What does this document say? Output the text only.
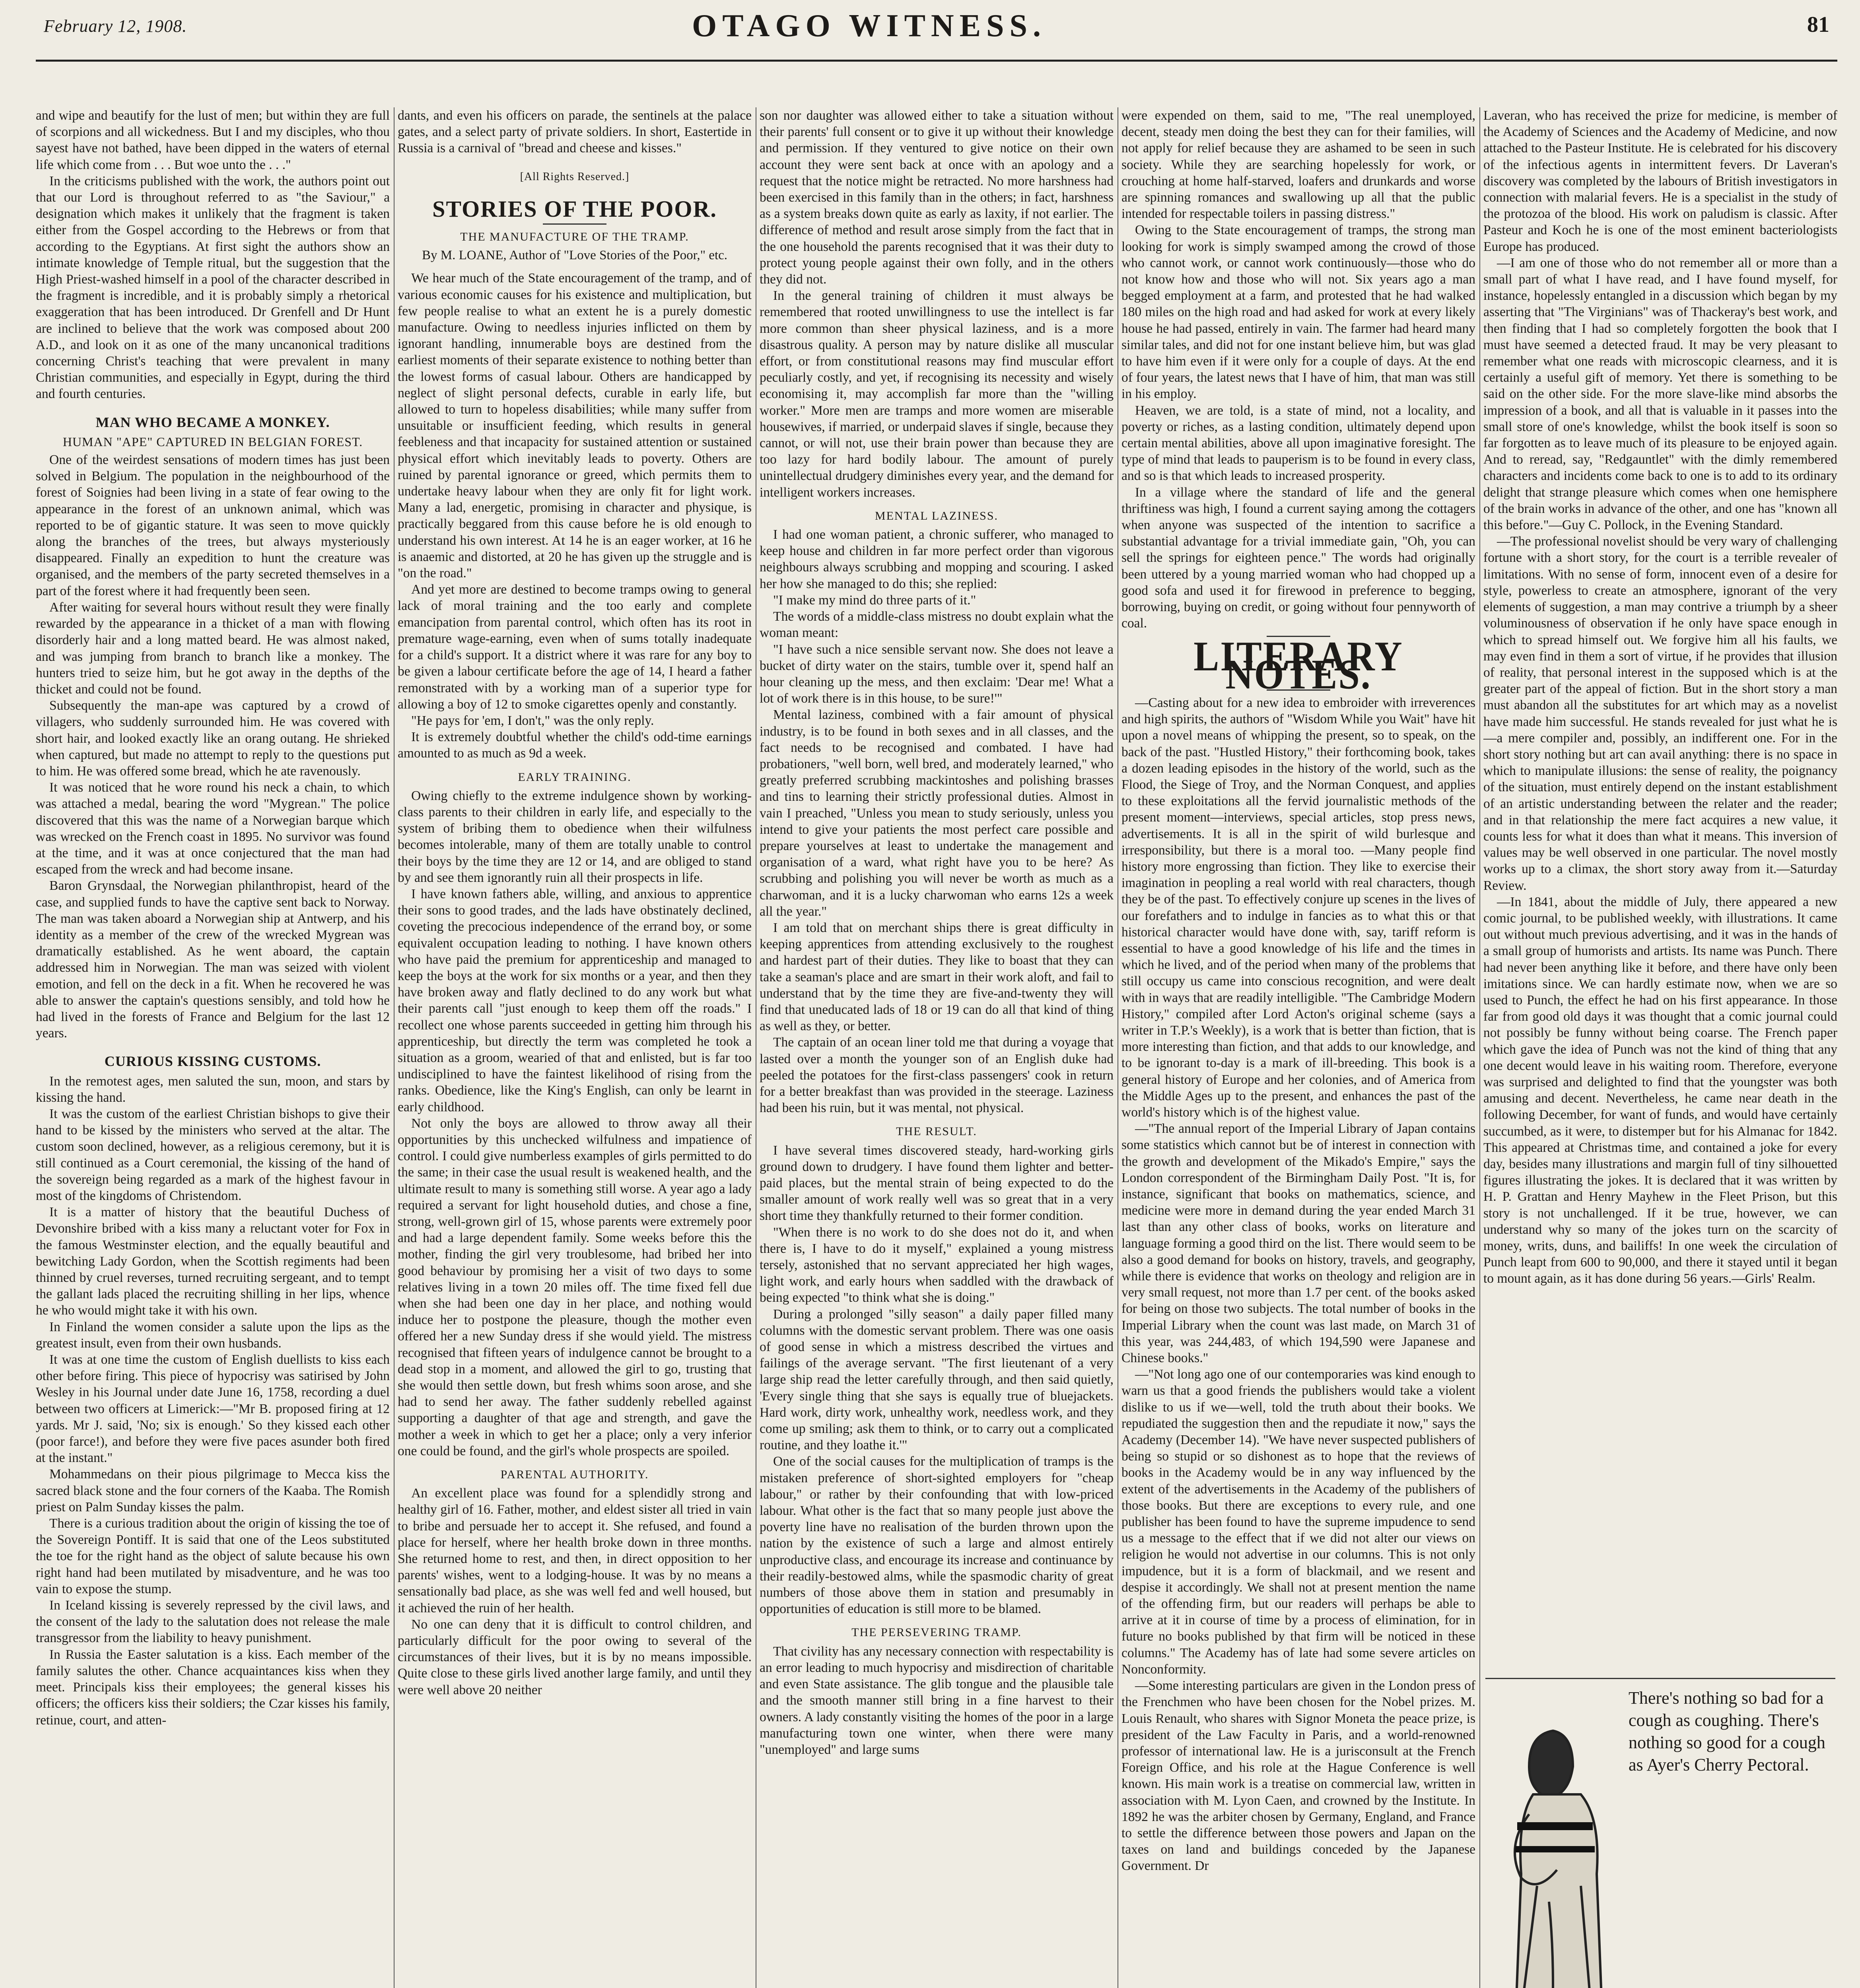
February 12, 1908.	OTAGO WITNESS.	81

and wipe and beautify for the lust of men; but within they are full of scorpions and all wickedness. But I and my disciples, who thou sayest have not bathed, have been dipped in the waters of eternal life which come from . . . But woe unto the . . ."

In the criticisms published with the work, the authors point out that our Lord is throughout referred to as "the Saviour," a designation which makes it unlikely that the fragment is taken either from the Gospel according to the Hebrews or from that according to the Egyptians. At first sight the authors show an intimate knowledge of Temple ritual, but the suggestion that the High Priest-washed himself in a pool of the character described in the fragment is incredible, and it is probably simply a rhetorical exaggeration that has been introduced. Dr Grenfell and Dr Hunt are inclined to believe that the work was composed about 200 A.D., and look on it as one of the many uncanonical traditions concerning Christ's teaching that were prevalent in many Christian communities, and especially in Egypt, during the third and fourth centuries.

MAN WHO BECAME A MONKEY.
HUMAN "APE" CAPTURED IN BELGIAN FOREST.

One of the weirdest sensations of modern times has just been solved in Belgium. The population in the neighbourhood of the forest of Soignies had been living in a state of fear owing to the appearance in the forest of an unknown animal, which was reported to be of gigantic stature. It was seen to move quickly along the branches of the trees, but always mysteriously disappeared. Finally an expedition to hunt the creature was organised, and the members of the party secreted themselves in a part of the forest where it had frequently been seen.

After waiting for several hours without result they were finally rewarded by the appearance in a thicket of a man with flowing disorderly hair and a long matted beard. He was almost naked, and was jumping from branch to branch like a monkey. The hunters tried to seize him, but he got away in the depths of the thicket and could not be found.

Subsequently the man-ape was captured by a crowd of villagers, who suddenly surrounded him. He was covered with short hair, and looked exactly like an orang outang. He shrieked when captured, but made no attempt to reply to the questions put to him. He was offered some bread, which he ate ravenously.

It was noticed that he wore round his neck a chain, to which was attached a medal, bearing the word "Mygrean." The police discovered that this was the name of a Norwegian barque which was wrecked on the French coast in 1895. No survivor was found at the time, and it was at once conjectured that the man had escaped from the wreck and had become insane.

Baron Grynsdaal, the Norwegian philanthropist, heard of the case, and supplied funds to have the captive sent back to Norway. The man was taken aboard a Norwegian ship at Antwerp, and his identity as a member of the crew of the wrecked Mygrean was dramatically established. As he went aboard, the captain addressed him in Norwegian. The man was seized with violent emotion, and fell on the deck in a fit. When he recovered he was able to answer the captain's questions sensibly, and told how he had lived in the forests of France and Belgium for the last 12 years.

CURIOUS KISSING CUSTOMS.

In the remotest ages, men saluted the sun, moon, and stars by kissing the hand.

It was the custom of the earliest Christian bishops to give their hand to be kissed by the ministers who served at the altar. The custom soon declined, however, as a religious ceremony, but it is still continued as a Court ceremonial, the kissing of the hand of the sovereign being regarded as a mark of the highest favour in most of the kingdoms of Christendom.

It is a matter of history that the beautiful Duchess of Devonshire bribed with a kiss many a reluctant voter for Fox in the famous Westminster election, and the equally beautiful and bewitching Lady Gordon, when the Scottish regiments had been thinned by cruel reverses, turned recruiting sergeant, and to tempt the gallant lads placed the recruiting shilling in her lips, whence he who would might take it with his own.

In Finland the women consider a salute upon the lips as the greatest insult, even from their own husbands.

It was at one time the custom of English duellists to kiss each other before firing. This piece of hypocrisy was satirised by John Wesley in his Journal under date June 16, 1758, recording a duel between two officers at Limerick:—"Mr B. proposed firing at 12 yards. Mr J. said, 'No; six is enough.' So they kissed each other (poor farce!), and before they were five paces asunder both fired at the instant."

Mohammedans on their pious pilgrimage to Mecca kiss the sacred black stone and the four corners of the Kaaba. The Romish priest on Palm Sunday kisses the palm.

There is a curious tradition about the origin of kissing the toe of the Sovereign Pontiff. It is said that one of the Leos substituted the toe for the right hand as the object of salute because his own right hand had been mutilated by misadventure, and he was too vain to expose the stump.

In Iceland kissing is severely repressed by the civil laws, and the consent of the lady to the salutation does not release the male transgressor from the liability to heavy punishment.

In Russia the Easter salutation is a kiss. Each member of the family salutes the other. Chance acquaintances kiss when they meet. Principals kiss their employees; the general kisses his officers; the officers kiss their soldiers; the Czar kisses his family, retinue, court, and atten-

dants, and even his officers on parade, the sentinels at the palace gates, and a select party of private soldiers. In short, Eastertide in Russia is a carnival of "bread and cheese and kisses."

[All Rights Reserved.]
STORIES OF THE POOR.
THE MANUFACTURE OF THE TRAMP.
By M. LOANE, Author of "Love Stories of the Poor," etc.

We hear much of the State encouragement of the tramp, and of various economic causes for his existence and multiplication, but few people realise to what an extent he is a purely domestic manufacture. Owing to needless injuries inflicted on them by ignorant handling, innumerable boys are destined from the earliest moments of their separate existence to nothing better than the lowest forms of casual labour. Others are handicapped by neglect of slight personal defects, curable in early life, but allowed to turn to hopeless disabilities; while many suffer from unsuitable or insufficient feeding, which results in general feebleness and that incapacity for sustained attention or sustained physical effort which inevitably leads to poverty. Others are ruined by parental ignorance or greed, which permits them to undertake heavy labour when they are only fit for light work. Many a lad, energetic, promising in character and physique, is practically beggared from this cause before he is old enough to understand his own interest. At 14 he is an eager worker, at 16 he is anaemic and distorted, at 20 he has given up the struggle and is "on the road."

And yet more are destined to become tramps owing to general lack of moral training and the too early and complete emancipation from parental control, which often has its root in premature wage-earning, even when of sums totally inadequate for a child's support. It a district where it was rare for any boy to be given a labour certificate before the age of 14, I heard a father remonstrated with by a working man of a superior type for allowing a boy of 12 to smoke cigarettes openly and constantly.

"He pays for 'em, I don't," was the only reply.

It is extremely doubtful whether the child's odd-time earnings amounted to as much as 9d a week.

EARLY TRAINING.

Owing chiefly to the extreme indulgence shown by working-class parents to their children in early life, and especially to the system of bribing them to obedience when their wilfulness becomes intolerable, many of them are totally unable to control their boys by the time they are 12 or 14, and are obliged to stand by and see them ignorantly ruin all their prospects in life.

I have known fathers able, willing, and anxious to apprentice their sons to good trades, and the lads have obstinately declined, coveting the precocious independence of the errand boy, or some equivalent occupation leading to nothing. I have known others who have paid the premium for apprenticeship and managed to keep the boys at the work for six months or a year, and then they have broken away and flatly declined to do any work but what their parents call "just enough to keep them off the roads." I recollect one whose parents succeeded in getting him through his apprenticeship, but directly the term was completed he took a situation as a groom, wearied of that and enlisted, but is far too undisciplined to have the faintest likelihood of rising from the ranks. Obedience, like the King's English, can only be learnt in early childhood.

Not only the boys are allowed to throw away all their opportunities by this unchecked wilfulness and impatience of control. I could give numberless examples of girls permitted to do the same; in their case the usual result is weakened health, and the ultimate result to many is something still worse. A year ago a lady required a servant for light household duties, and chose a fine, strong, well-grown girl of 15, whose parents were extremely poor and had a large dependent family. Some weeks before this the mother, finding the girl very troublesome, had bribed her into good behaviour by promising her a visit of two days to some relatives living in a town 20 miles off. The time fixed fell due when she had been one day in her place, and nothing would induce her to postpone the pleasure, though the mother even offered her a new Sunday dress if she would yield. The mistress recognised that fifteen years of indulgence cannot be brought to a dead stop in a moment, and allowed the girl to go, trusting that she would then settle down, but fresh whims soon arose, and she had to send her away. The father suddenly rebelled against supporting a daughter of that age and strength, and gave the mother a week in which to get her a place; only a very inferior one could be found, and the girl's whole prospects are spoiled.

PARENTAL AUTHORITY.

An excellent place was found for a splendidly strong and healthy girl of 16. Father, mother, and eldest sister all tried in vain to bribe and persuade her to accept it. She refused, and found a place for herself, where her health broke down in three months. She returned home to rest, and then, in direct opposition to her parents' wishes, went to a lodging-house. It was by no means a sensationally bad place, as she was well fed and well housed, but it achieved the ruin of her health.

No one can deny that it is difficult to control children, and particularly difficult for the poor owing to several of the circumstances of their lives, but it is by no means impossible. Quite close to these girls lived another large family, and until they were well above 20 neither

son nor daughter was allowed either to take a situation without their parents' full consent or to give it up without their knowledge and permission. If they ventured to give notice on their own account they were sent back at once with an apology and a request that the notice might be retracted. No more harshness had been exercised in this family than in the others; in fact, harshness as a system breaks down quite as early as laxity, if not earlier. The difference of method and result arose simply from the fact that in the one household the parents recognised that it was their duty to protect young people against their own folly, and in the others they did not.

In the general training of children it must always be remembered that rooted unwillingness to use the intellect is far more common than sheer physical laziness, and is a more disastrous quality. A person may by nature dislike all muscular effort, or from constitutional reasons may find muscular effort peculiarly costly, and yet, if recognising its necessity and wisely economising it, may accomplish far more than the "willing worker." More men are tramps and more women are miserable housewives, if married, or underpaid slaves if single, because they cannot, or will not, use their brain power than because they are too lazy for hard bodily labour. The amount of purely unintellectual drudgery diminishes every year, and the demand for intelligent workers increases.

MENTAL LAZINESS.

I had one woman patient, a chronic sufferer, who managed to keep house and children in far more perfect order than vigorous neighbours always scrubbing and mopping and scouring. I asked her how she managed to do this; she replied:

"I make my mind do three parts of it."

The words of a middle-class mistress no doubt explain what the woman meant:

"I have such a nice sensible servant now. She does not leave a bucket of dirty water on the stairs, tumble over it, spend half an hour cleaning up the mess, and then exclaim: 'Dear me! What a lot of work there is in this house, to be sure!'"

Mental laziness, combined with a fair amount of physical industry, is to be found in both sexes and in all classes, and the fact needs to be recognised and combated. I have had probationers, "well born, well bred, and moderately learned," who greatly preferred scrubbing mackintoshes and polishing brasses and tins to learning their strictly professional duties. Almost in vain I preached, "Unless you mean to study seriously, unless you intend to give your patients the most perfect care possible and prepare yourselves at least to undertake the management and organisation of a ward, what right have you to be here? As scrubbing and polishing you will never be worth as much as a charwoman, and it is a lucky charwoman who earns 12s a week all the year."

I am told that on merchant ships there is great difficulty in keeping apprentices from attending exclusively to the roughest and hardest part of their duties. They like to boast that they can take a seaman's place and are smart in their work aloft, and fail to understand that by the time they are five-and-twenty they will find that uneducated lads of 18 or 19 can do all that kind of thing as well as they, or better.

The captain of an ocean liner told me that during a voyage that lasted over a month the younger son of an English duke had peeled the potatoes for the first-class passengers' cook in return for a better breakfast than was provided in the steerage. Laziness had been his ruin, but it was mental, not physical.

THE RESULT.

I have several times discovered steady, hard-working girls ground down to drudgery. I have found them lighter and better-paid places, but the mental strain of being expected to do the smaller amount of work really well was so great that in a very short time they thankfully returned to their former condition.

"When there is no work to do she does not do it, and when there is, I have to do it myself," explained a young mistress tersely, astonished that no servant appreciated her high wages, light work, and early hours when saddled with the drawback of being expected "to think what she is doing."

During a prolonged "silly season" a daily paper filled many columns with the domestic servant problem. There was one oasis of good sense in which a mistress described the virtues and failings of the average servant. "The first lieutenant of a very large ship read the letter carefully through, and then said quietly, 'Every single thing that she says is equally true of bluejackets. Hard work, dirty work, unhealthy work, needless work, and they come up smiling; ask them to think, or to carry out a complicated routine, and they loathe it.'"

One of the social causes for the multiplication of tramps is the mistaken preference of short-sighted employers for "cheap labour," or rather by their confounding that with low-priced labour. What other is the fact that so many people just above the poverty line have no realisation of the burden thrown upon the nation by the existence of such a large and almost entirely unproductive class, and encourage its increase and continuance by their readily-bestowed alms, while the spasmodic charity of great numbers of those above them in station and presumably in opportunities of education is still more to be blamed.

THE PERSEVERING TRAMP.

That civility has any necessary connection with respectability is an error leading to much hypocrisy and misdirection of charitable and even State assistance. The glib tongue and the plausible tale and the smooth manner still bring in a fine harvest to their owners. A lady constantly visiting the homes of the poor in a large manufacturing town one winter, when there were many "unemployed" and large sums

were expended on them, said to me, "The real unemployed, decent, steady men doing the best they can for their families, will not apply for relief because they are ashamed to be seen in such society. While they are searching hopelessly for work, or crouching at home half-starved, loafers and drunkards and worse are spinning romances and swallowing up all that the public intended for respectable toilers in passing distress."

Owing to the State encouragement of tramps, the strong man looking for work is simply swamped among the crowd of those who cannot work, or cannot work continuously—those who do not know how and those who will not. Six years ago a man begged employment at a farm, and protested that he had walked 180 miles on the high road and had asked for work at every likely house he had passed, entirely in vain. The farmer had heard many similar tales, and did not for one instant believe him, but was glad to have him even if it were only for a couple of days. At the end of four years, the latest news that I have of him, that man was still in his employ.

Heaven, we are told, is a state of mind, not a locality, and poverty or riches, as a lasting condition, ultimately depend upon certain mental abilities, above all upon imaginative foresight. The type of mind that leads to pauperism is to be found in every class, and so is that which leads to increased prosperity.

In a village where the standard of life and the general thriftiness was high, I found a current saying among the cottagers when anyone was suspected of the intention to sacrifice a substantial advantage for a trivial immediate gain, "Oh, you can sell the springs for eighteen pence." The words had originally been uttered by a young married woman who had chopped up a good sofa and used it for firewood in preference to begging, borrowing, buying on credit, or going without four pennyworth of coal.

LITERARY NOTES.

—Casting about for a new idea to embroider with irreverences and high spirits, the authors of "Wisdom While you Wait" have hit upon a novel means of whipping the present, so to speak, on the back of the past. "Hustled History," their forthcoming book, takes a dozen leading episodes in the history of the world, such as the Flood, the Siege of Troy, and the Norman Conquest, and applies to these exploitations all the fervid journalistic methods of the present moment—interviews, special articles, stop press news, advertisements. It is all in the spirit of wild burlesque and irresponsibility, but there is a moral too. —Many people find history more engrossing than fiction. They like to exercise their imagination in peopling a real world with real characters, though they be of the past. To effectively conjure up scenes in the lives of our forefathers and to indulge in fancies as to what this or that historical character would have done with, say, tariff reform is essential to have a good knowledge of his life and the times in which he lived, and of the period when many of the problems that still occupy us came into conscious recognition, and were dealt with in ways that are readily intelligible. "The Cambridge Modern History," compiled after Lord Acton's original scheme (says a writer in T.P.'s Weekly), is a work that is better than fiction, that is more interesting than fiction, and that adds to our knowledge, and to be ignorant to-day is a mark of ill-breeding. This book is a general history of Europe and her colonies, and of America from the Middle Ages up to the present, and enhances the past of the world's history which is of the highest value.

—"The annual report of the Imperial Library of Japan contains some statistics which cannot but be of interest in connection with the growth and development of the Mikado's Empire," says the London correspondent of the Birmingham Daily Post. "It is, for instance, significant that books on mathematics, science, and medicine were more in demand during the year ended March 31 last than any other class of books, works on literature and language forming a good third on the list. There would seem to be also a good demand for books on history, travels, and geography, while there is evidence that works on theology and religion are in very small request, not more than 1.7 per cent. of the books asked for being on those two subjects. The total number of books in the Imperial Library when the count was last made, on March 31 of this year, was 244,483, of which 194,590 were Japanese and Chinese books."

—"Not long ago one of our contemporaries was kind enough to warn us that a good friends the publishers would take a violent dislike to us if we—well, told the truth about their books. We repudiated the suggestion then and the repudiate it now," says the Academy (December 14). "We have never suspected publishers of being so stupid or so dishonest as to hope that the reviews of books in the Academy would be in any way influenced by the extent of the advertisements in the Academy of the publishers of those books. But there are exceptions to every rule, and one publisher has been found to have the supreme impudence to send us a message to the effect that if we did not alter our views on religion he would not advertise in our columns. This is not only impudence, but it is a form of blackmail, and we resent and despise it accordingly. We shall not at present mention the name of the offending firm, but our readers will perhaps be able to arrive at it in course of time by a process of elimination, for in future no books published by that firm will be noticed in these columns." The Academy has of late had some severe articles on Nonconformity.

—Some interesting particulars are given in the London press of the Frenchmen who have been chosen for the Nobel prizes. M. Louis Renault, who shares with Signor Moneta the peace prize, is president of the Law Faculty in Paris, and a world-renowned professor of international law. He is a jurisconsult at the French Foreign Office, and his role at the Hague Conference is well known. His main work is a treatise on commercial law, written in association with M. Lyon Caen, and crowned by the Institute. In 1892 he was the arbiter chosen by Germany, England, and France to settle the difference between those powers and Japan on the taxes on land and buildings conceded by the Japanese Government. Dr

Laveran, who has received the prize for medicine, is member of the Academy of Sciences and the Academy of Medicine, and now attached to the Pasteur Institute. He is celebrated for his discovery of the infectious agents in intermittent fevers. Dr Laveran's discovery was completed by the labours of British investigators in connection with malarial fevers. He is a specialist in the study of the protozoa of the blood. His work on paludism is classic. After Pasteur and Koch he is one of the most eminent bacteriologists Europe has produced.

—I am one of those who do not remember all or more than a small part of what I have read, and I have found myself, for instance, hopelessly entangled in a discussion which began by my asserting that "The Virginians" was of Thackeray's best work, and then finding that I had so completely forgotten the book that I must have seemed a detected fraud. It may be very pleasant to remember what one reads with microscopic clearness, and it is certainly a useful gift of memory. Yet there is something to be said on the other side. For the more slave-like mind absorbs the impression of a book, and all that is valuable in it passes into the small store of one's knowledge, whilst the book itself is soon so far forgotten as to leave much of its pleasure to be enjoyed again. And to reread, say, "Redgauntlet" with the dimly remembered characters and incidents come back to one is to add to its ordinary delight that strange pleasure which comes when one hemisphere of the brain works in advance of the other, and one has "known all this before."—Guy C. Pollock, in the Evening Standard.

—The professional novelist should be very wary of challenging fortune with a short story, for the court is a terrible revealer of limitations. With no sense of form, innocent even of a desire for style, powerless to create an atmosphere, ignorant of the very elements of suggestion, a man may contrive a triumph by a sheer voluminousness of observation if he only have space enough in which to spread himself out. We forgive him all his faults, we may even find in them a sort of virtue, if he provides that illusion of reality, that personal interest in the supposed which is at the greater part of the appeal of fiction. But in the short story a man must abandon all the substitutes for art which may as a novelist have made him successful. He stands revealed for just what he is—a mere compiler and, possibly, an indifferent one. For in the short story nothing but art can avail anything: there is no space in which to manipulate illusions: the sense of reality, the poignancy of the situation, must entirely depend on the instant establishment of an artistic understanding between the relater and the reader; and in that relationship the mere fact acquires a new value, it counts less for what it does than what it means. This inversion of values may be well observed in one particular. The novel mostly works up to a climax, the short story away from it.—Saturday Review.

—In 1841, about the middle of July, there appeared a new comic journal, to be published weekly, with illustrations. It came out without much previous advertising, and it was in the hands of a small group of humorists and artists. Its name was Punch. There had never been anything like it before, and there have only been imitations since. We can hardly estimate now, when we are so used to Punch, the effect he had on his first appearance. In those far from good old days it was thought that a comic journal could not possibly be funny without being coarse. The French paper which gave the idea of Punch was not the kind of thing that any one decent would leave in his waiting room. Therefore, everyone was surprised and delighted to find that the youngster was both amusing and decent. Nevertheless, he came near death in the following December, for want of funds, and would have certainly succumbed, as it were, to distemper but for his Almanac for 1842. This appeared at Christmas time, and contained a joke for every day, besides many illustrations and margin full of tiny silhouetted figures illustrating the jokes. It is declared that it was written by H. P. Grattan and Henry Mayhew in the Fleet Prison, but this story is not unchallenged. If it be true, however, we can understand why so many of the jokes turn on the scarcity of money, writs, duns, and bailiffs! In one week the circulation of Punch leapt from 600 to 90,000, and there it stayed until it began to mount again, as it has done during 56 years.—Girls' Realm.

There's nothing so bad for a cough as coughing. There's nothing so good for a cough as Ayer's Cherry Pectoral.
